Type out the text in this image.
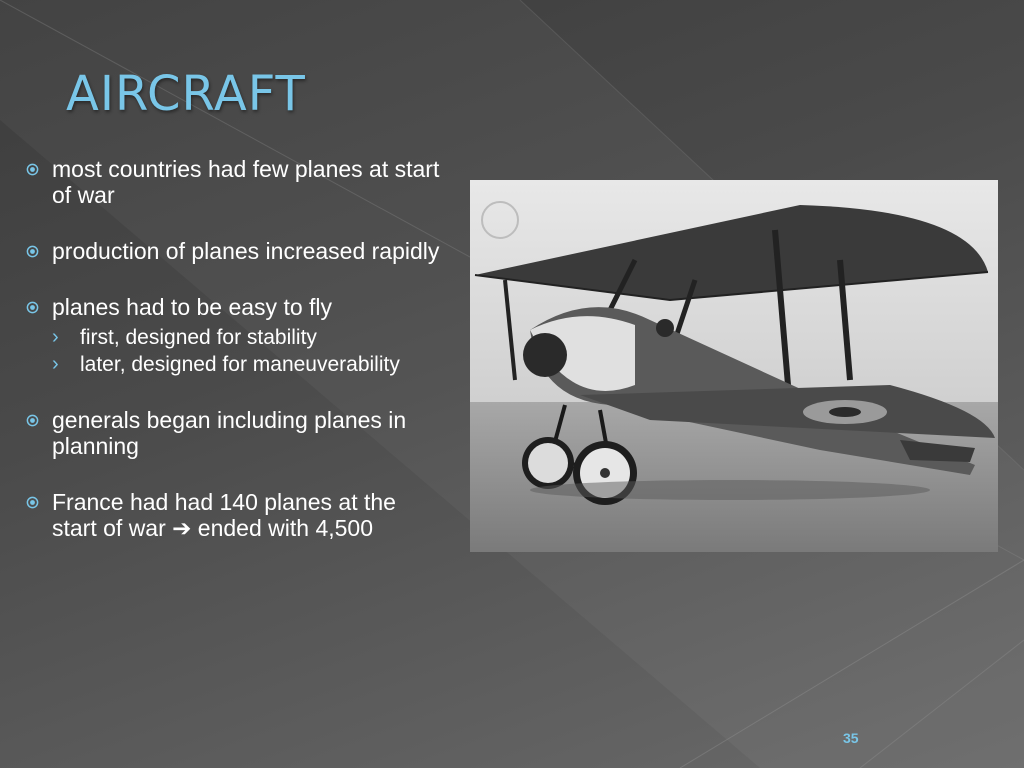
AIRCRAFT
most countries had few planes at start of war
production of planes increased rapidly
planes had to be easy to fly
› first, designed for stability
› later, designed for maneuverability
generals began including planes in planning
France had had 140 planes at the start of war ➔ ended with 4,500
35
